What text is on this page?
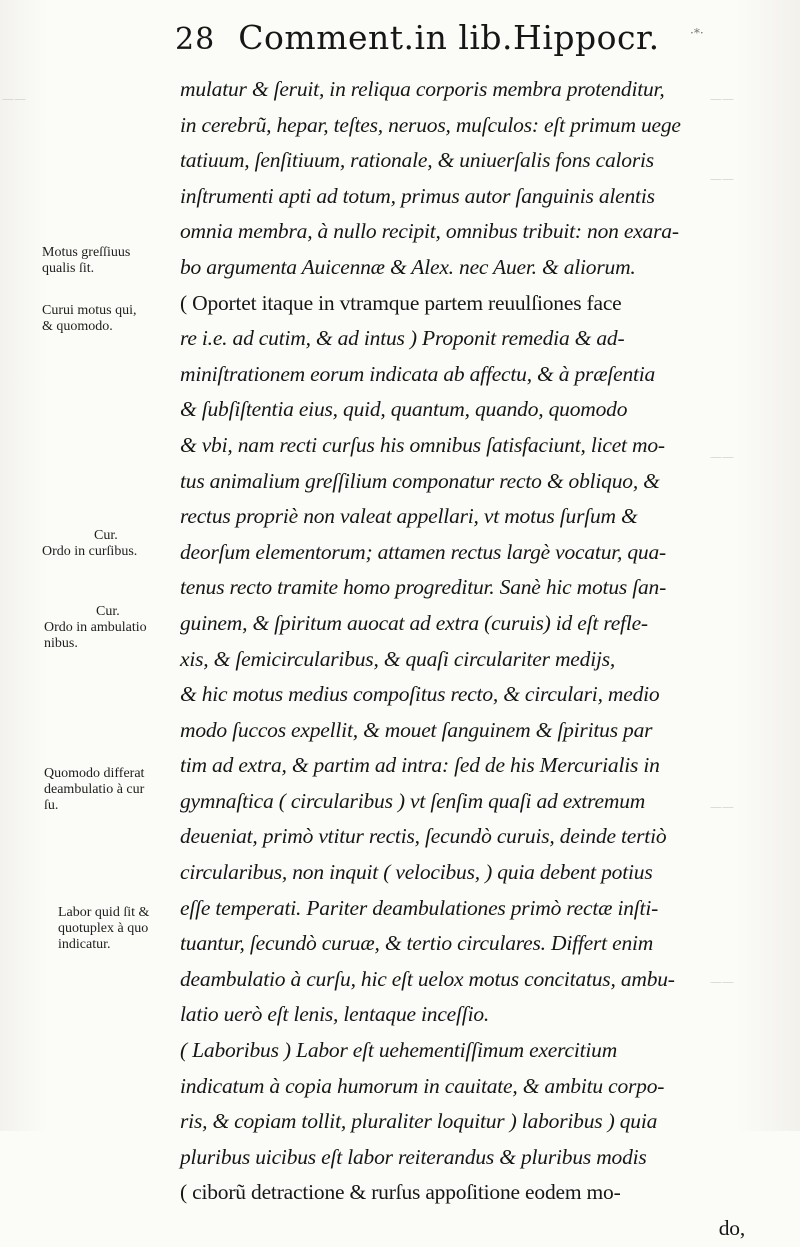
28 Comment.in lib.Hippocr.	·*·
——	——
——
——
——
——
Motus greſſiuus
qualis ſit.
Curui motus qui,
& quomodo.
Cur.
Ordo in curſibus.
Cur.
Ordo in ambulatio
nibus.
Quomodo differat
deambulatio à cur
ſu.
Labor quid ſit &
quotuplex à quo
indicatur.
mulatur & ſeruit, in reliqua corporis membra protenditur,
in cerebrũ, hepar, teſtes, neruos, muſculos: eſt primum uege
tatiuum, ſenſitiuum, rationale, & uniuerſalis fons caloris
inſtrumenti apti ad totum, primus autor ſanguinis alentis
omnia membra, à nullo recipit, omnibus tribuit: non exara-
bo argumenta Auicennæ & Alex. nec Auer. & aliorum.
( Oportet itaque in vtramque partem reuulſiones face
re i.e. ad cutim, & ad intus ) Proponit remedia & ad-
miniſtrationem eorum indicata ab affectu, & à præſentia
& ſubſiſtentia eius, quid, quantum, quando, quomodo
& vbi, nam recti curſus his omnibus ſatisfaciunt, licet mo-
tus animalium greſſilium componatur recto & obliquo, &
rectus propriè non valeat appellari, vt motus ſurſum &
deorſum elementorum; attamen rectus largè vocatur, qua-
tenus recto tramite homo progreditur. Sanè hic motus ſan-
guinem, & ſpiritum auocat ad extra (curuis) id eſt refle-
xis, & ſemicircularibus, & quaſi circulariter medijs,
& hic motus medius compoſitus recto, & circulari, medio
modo ſuccos expellit, & mouet ſanguinem & ſpiritus par
tim ad extra, & partim ad intra: ſed de his Mercurialis in
gymnaſtica ( circularibus ) vt ſenſim quaſi ad extremum
deueniat, primò vtitur rectis, ſecundò curuis, deinde tertiò
circularibus, non inquit ( velocibus, ) quia debent potius
eſſe temperati. Pariter deambulationes primò rectæ inſti-
tuantur, ſecundò curuæ, & tertio circulares. Differt enim
deambulatio à curſu, hic eſt uelox motus concitatus, ambu-
latio uerò eſt lenis, lentaque inceſſio.
( Laboribus ) Labor eſt uehementiſſimum exercitium
indicatum à copia humorum in cauitate, & ambitu corpo-
ris, & copiam tollit, pluraliter loquitur ) laboribus ) quia
pluribus uicibus eſt labor reiterandus & pluribus modis
( ciborũ detractione & rurſus appoſitione eodem mo-
do,
